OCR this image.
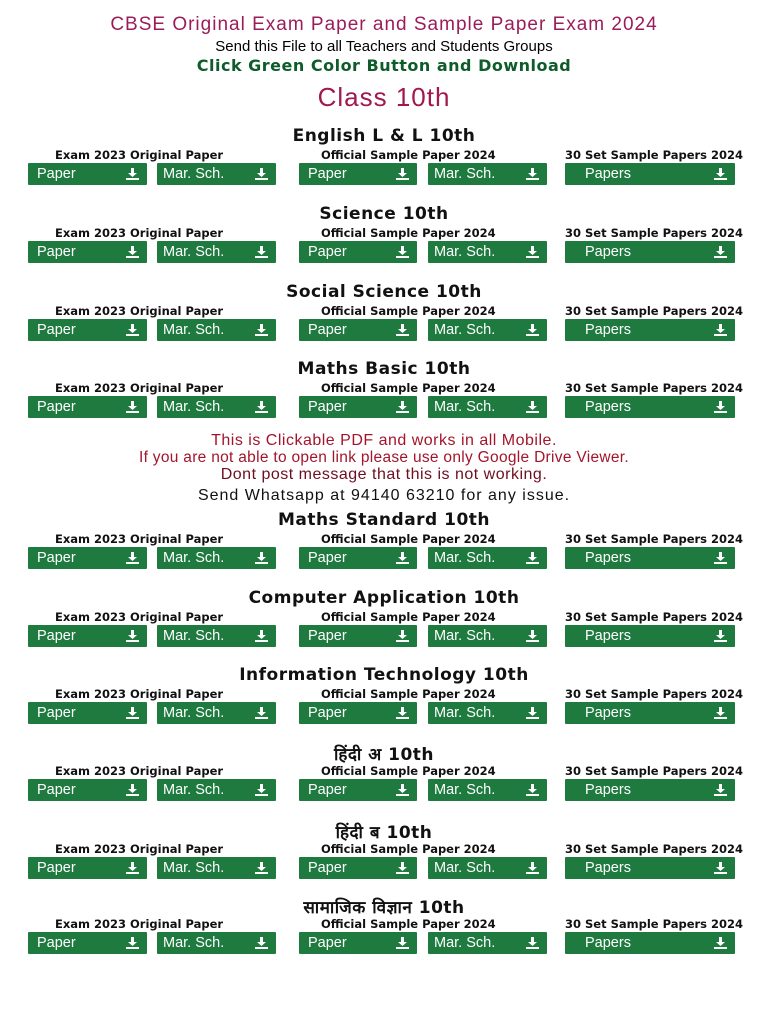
CBSE Original Exam Paper and Sample Paper Exam 2024
Send this File to all Teachers and Students Groups
Click Green Color Button and Download
Class 10th
English L & L 10th
Exam 2023 Original Paper	Official Sample Paper 2024	30 Set Sample Papers 2024
Paper	Mar. Sch.	Paper	Mar. Sch.	Papers
Science 10th
Exam 2023 Original Paper	Official Sample Paper 2024	30 Set Sample Papers 2024
Paper	Mar. Sch.	Paper	Mar. Sch.	Papers
Social Science 10th
Exam 2023 Original Paper	Official Sample Paper 2024	30 Set Sample Papers 2024
Paper	Mar. Sch.	Paper	Mar. Sch.	Papers
Maths Basic 10th
Exam 2023 Original Paper	Official Sample Paper 2024	30 Set Sample Papers 2024
Paper	Mar. Sch.	Paper	Mar. Sch.	Papers
Maths Standard 10th
Exam 2023 Original Paper	Official Sample Paper 2024	30 Set Sample Papers 2024
Paper	Mar. Sch.	Paper	Mar. Sch.	Papers
Computer Application 10th
Exam 2023 Original Paper	Official Sample Paper 2024	30 Set Sample Papers 2024
Paper	Mar. Sch.	Paper	Mar. Sch.	Papers
Information Technology 10th
Exam 2023 Original Paper	Official Sample Paper 2024	30 Set Sample Papers 2024
Paper	Mar. Sch.	Paper	Mar. Sch.	Papers
हिंदी अ 10th
Exam 2023 Original Paper	Official Sample Paper 2024	30 Set Sample Papers 2024
Paper	Mar. Sch.	Paper	Mar. Sch.	Papers
हिंदी ब 10th
Exam 2023 Original Paper	Official Sample Paper 2024	30 Set Sample Papers 2024
Paper	Mar. Sch.	Paper	Mar. Sch.	Papers
सामाजिक विज्ञान 10th
Exam 2023 Original Paper	Official Sample Paper 2024	30 Set Sample Papers 2024
Paper	Mar. Sch.	Paper	Mar. Sch.	Papers
This is Clickable PDF and works in all Mobile.
If you are not able to open link please use only Google Drive Viewer.
Dont post message that this is not working.
Send Whatsapp at 94140 63210 for any issue.
